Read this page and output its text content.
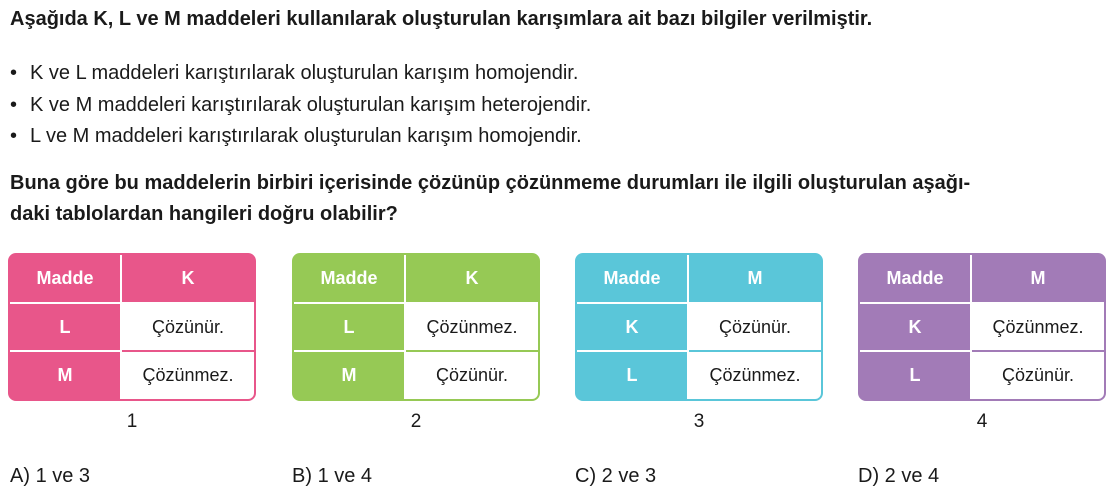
Aşağıda K, L ve M maddeleri kullanılarak oluşturulan karışımlara ait bazı bilgiler verilmiştir.
• K ve L maddeleri karıştırılarak oluşturulan karışım homojendir.
• K ve M maddeleri karıştırılarak oluşturulan karışım heterojendir.
• L ve M maddeleri karıştırılarak oluşturulan karışım homojendir.
Buna göre bu maddelerin birbiri içerisinde çözünüp çözünmeme durumları ile ilgili oluşturulan aşağı-
daki tablolardan hangileri doğru olabilir?
Madde	K
L	Çözünür.
M	Çözünmez.
1
Madde	K
L	Çözünmez.
M	Çözünür.
2
Madde	M
K	Çözünür.
L	Çözünmez.
3
Madde	M
K	Çözünmez.
L	Çözünür.
4
A) 1 ve 3	B) 1 ve 4	C) 2 ve 3	D) 2 ve 4
